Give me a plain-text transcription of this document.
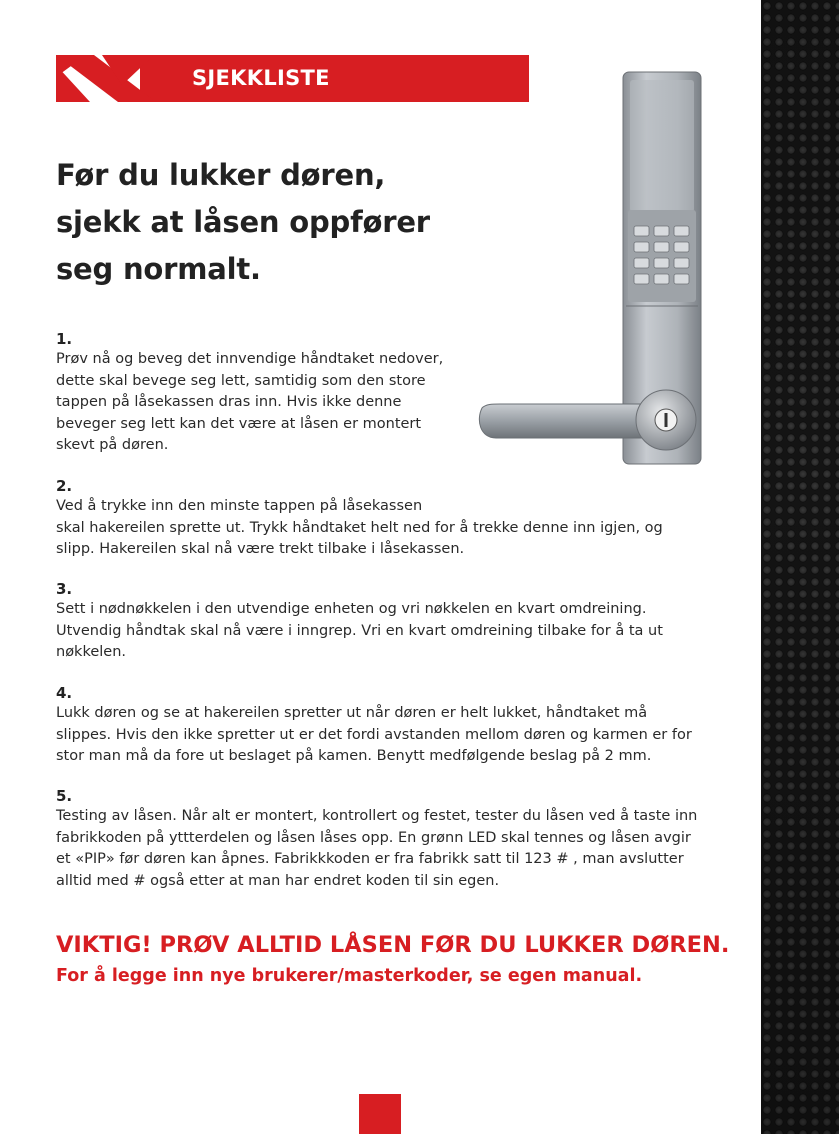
SJEKKLISTE
Før du lukker døren,
sjekk at låsen oppfører
seg normalt.
1.
Prøv nå og beveg det innvendige håndtaket nedover,
dette skal bevege seg lett, samtidig som den store
tappen på låsekassen dras inn. Hvis ikke denne
beveger seg lett kan det være at låsen er montert
skevt på døren.
2.
Ved å trykke inn den minste tappen på låsekassen
skal hakereilen sprette ut. Trykk håndtaket helt ned for å trekke denne inn igjen, og
slipp. Hakereilen skal nå være trekt tilbake i låsekassen.
3.
Sett i nødnøkkelen i den utvendige enheten og vri nøkkelen en kvart omdreining.
Utvendig håndtak skal nå være i inngrep. Vri en kvart omdreining tilbake for å ta ut
nøkkelen.
4.
Lukk døren og se at hakereilen spretter ut når døren er helt lukket, håndtaket må
slippes. Hvis den ikke spretter ut er det fordi avstanden mellom døren og karmen er for
stor man må da fore ut beslaget på kamen. Benytt medfølgende beslag på 2 mm.
5.
Testing av låsen. Når alt er montert, kontrollert og festet, tester du låsen ved å taste inn
fabrikkoden på yttterdelen og låsen låses opp. En grønn LED skal tennes og låsen avgir
et «PIP» før døren kan åpnes. Fabrikkkoden er fra fabrikk satt til 123 # , man avslutter
alltid med # også etter at man har endret koden til sin egen.
VIKTIG! PRØV ALLTID LÅSEN FØR DU LUKKER DØREN.
For å legge inn nye brukerer/masterkoder, se egen manual.
